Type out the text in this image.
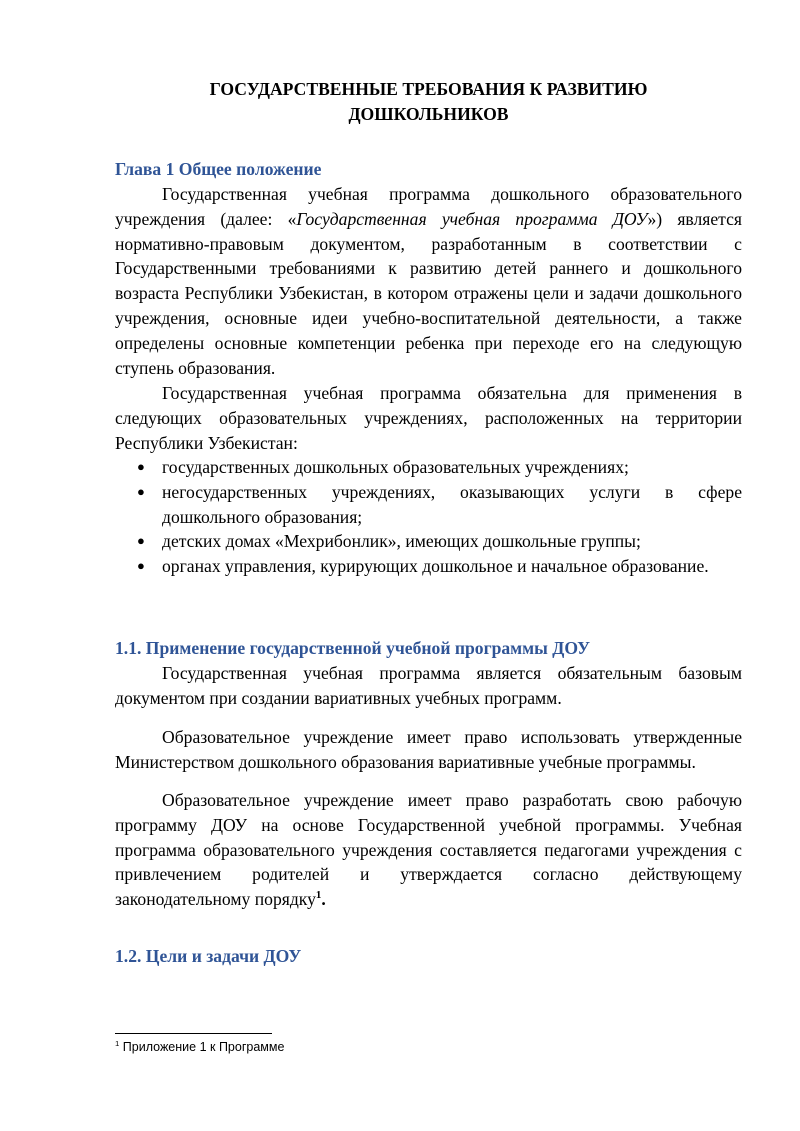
ГОСУДАРСТВЕННЫЕ ТРЕБОВАНИЯ К РАЗВИТИЮ
ДОШКОЛЬНИКОВ
Глава 1 Общее положение

Государственная учебная программа дошкольного образовательного учреждения (далее: «Государственная учебная программа ДОУ») является нормативно-правовым документом, разработанным в соответствии с Государственными требованиями к развитию детей раннего и дошкольного возраста Республики Узбекистан, в котором отражены цели и задачи дошкольного учреждения, основные идеи учебно-воспитательной деятельности, а также определены основные компетенции ребенка при переходе его на следующую ступень образования.

Государственная учебная программа обязательна для применения в следующих образовательных учреждениях, расположенных на территории Республики Узбекистан:

● государственных дошкольных образовательных учреждениях;
● негосударственных учреждениях, оказывающих услуги в сфере дошкольного образования;
● детских домах «Мехрибонлик», имеющих дошкольные группы;
● органах управления, курирующих дошкольное и начальное образование.
1.1. Применение государственной учебной программы ДОУ

Государственная учебная программа является обязательным базовым документом при создании вариативных учебных программ.

Образовательное учреждение имеет право использовать утвержденные Министерством дошкольного образования вариативные учебные программы.

Образовательное учреждение имеет право разработать свою рабочую программу ДОУ на основе Государственной учебной программы. Учебная программа образовательного учреждения составляется педагогами учреждения с привлечением родителей и утверждается согласно действующему законодательному порядку$^1$.

1.2. Цели и задачи ДОУ

$^1$ Приложение 1 к Программе
